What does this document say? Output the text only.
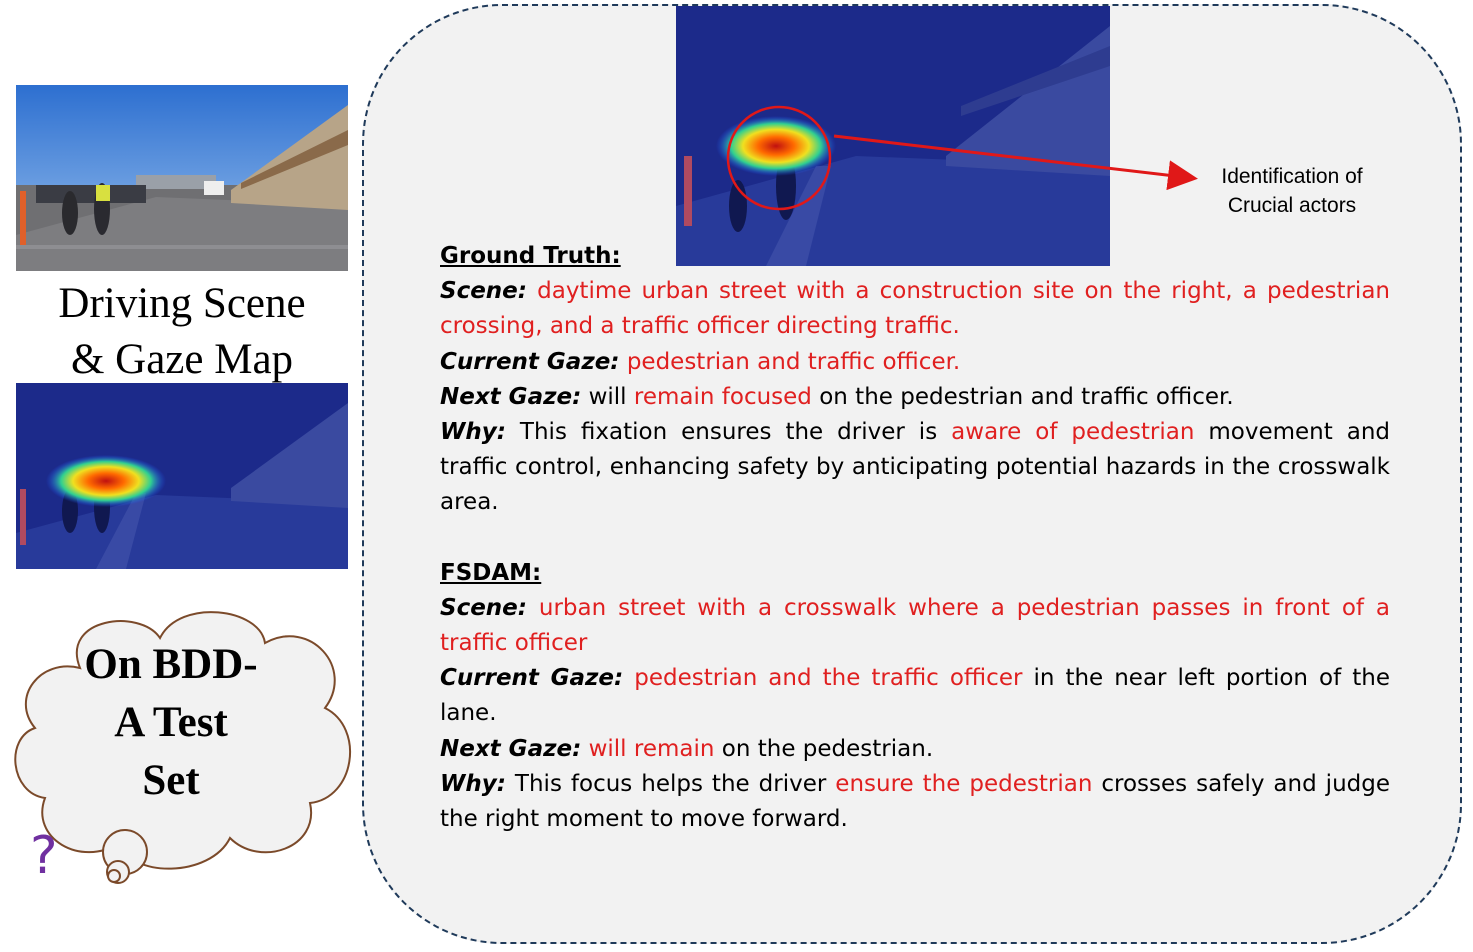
Driving Scene
& Gaze Map
On BDD-
A Test
Set
?
Identification of
Crucial actors

Ground Truth:

Scene: daytime urban street with a construction site on the right, a pedestrian crossing, and a traffic officer directing traffic.

Current Gaze: pedestrian and traffic officer.

Next Gaze: will remain focused on the pedestrian and traffic officer.

Why: This fixation ensures the driver is aware of pedestrian movement and traffic control, enhancing safety by anticipating potential hazards in the crosswalk area.

FSDAM:

Scene: urban street with a crosswalk where a pedestrian passes in front of a traffic officer

Current Gaze: pedestrian and the traffic officer in the near left portion of the lane.

Next Gaze: will remain on the pedestrian.

Why: This focus helps the driver ensure the pedestrian crosses safely and judge the right moment to move forward.
